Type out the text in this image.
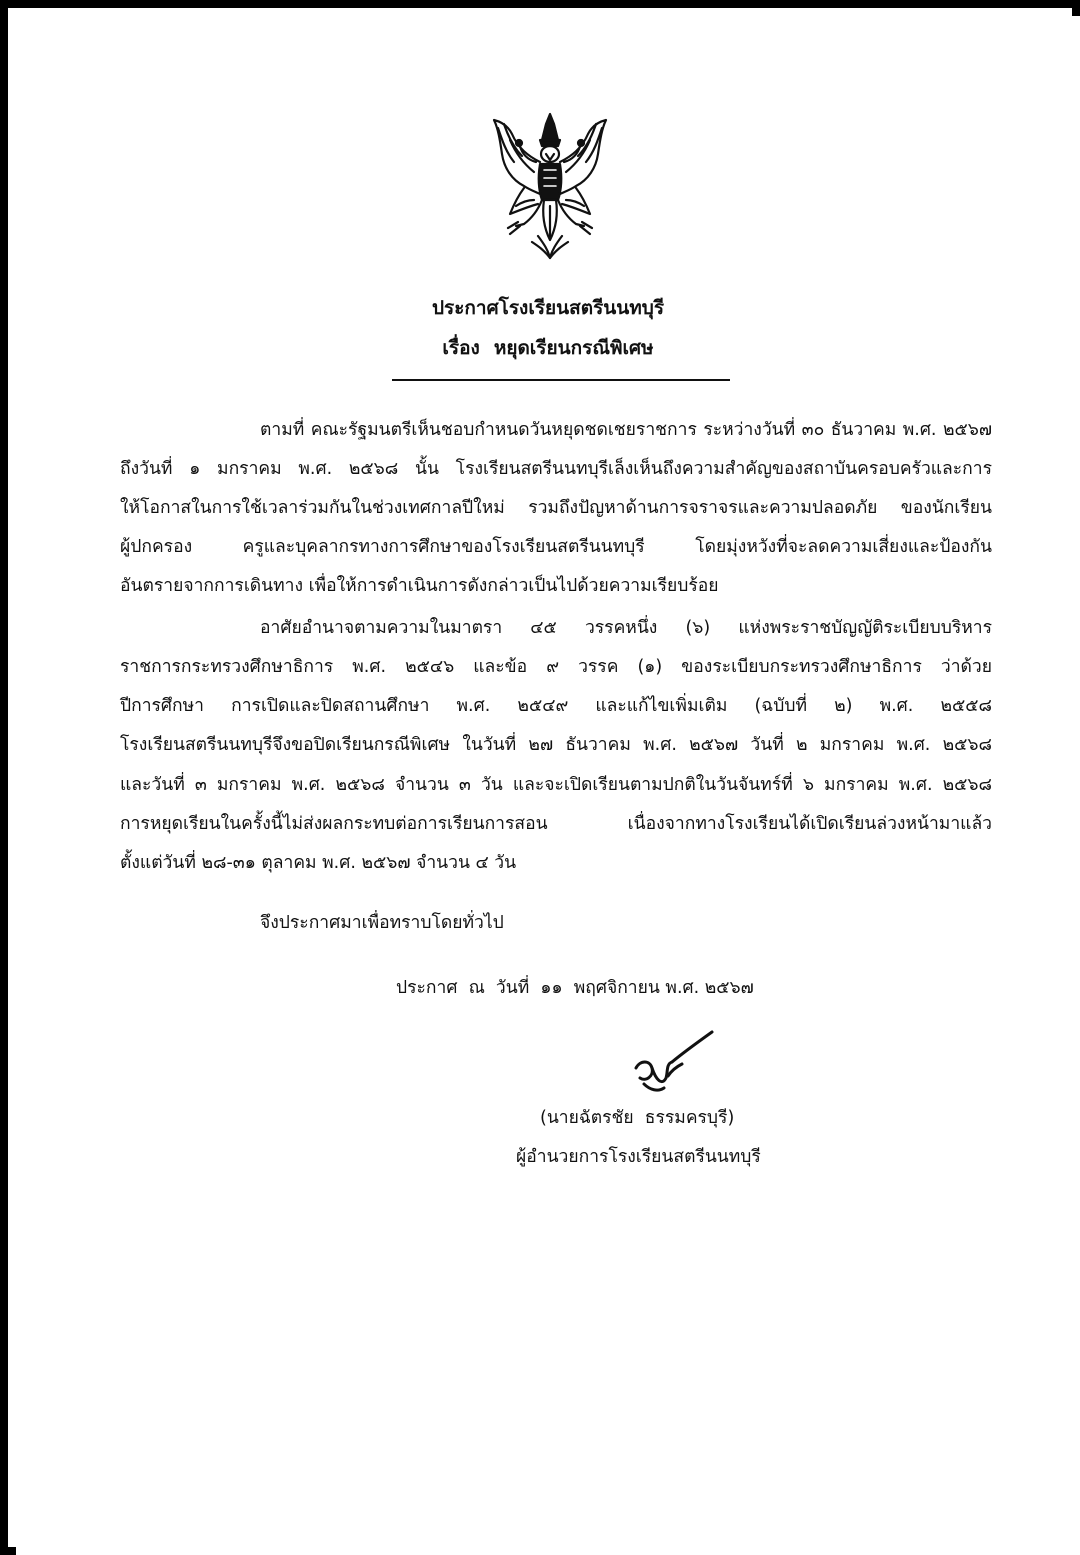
ประกาศโรงเรียนสตรีนนทบุรี
เรื่อง หยุดเรียนกรณีพิเศษ
ตามที่ คณะรัฐมนตรีเห็นชอบกำหนดวันหยุดชดเชยราชการ ระหว่างวันที่ ๓๐ ธันวาคม พ.ศ. ๒๕๖๗
ถึงวันที่ ๑ มกราคม พ.ศ. ๒๕๖๘ นั้น โรงเรียนสตรีนนทบุรีเล็งเห็นถึงความสำคัญของสถาบันครอบครัวและการ
ให้โอกาสในการใช้เวลาร่วมกันในช่วงเทศกาลปีใหม่ รวมถึงปัญหาด้านการจราจรและความปลอดภัย ของนักเรียน
ผู้ปกครอง ครูและบุคลากรทางการศึกษาของโรงเรียนสตรีนนทบุรี โดยมุ่งหวังที่จะลดความเสี่ยงและป้องกัน
อันตรายจากการเดินทาง เพื่อให้การดำเนินการดังกล่าวเป็นไปด้วยความเรียบร้อย
อาศัยอำนาจตามความในมาตรา ๔๕ วรรคหนึ่ง (๖) แห่งพระราชบัญญัติระเบียบบริหาร
ราชการกระทรวงศึกษาธิการ พ.ศ. ๒๕๔๖ และข้อ ๙ วรรค (๑) ของระเบียบกระทรวงศึกษาธิการ ว่าด้วย
ปีการศึกษา การเปิดและปิดสถานศึกษา พ.ศ. ๒๕๔๙ และแก้ไขเพิ่มเติม (ฉบับที่ ๒) พ.ศ. ๒๕๕๘
โรงเรียนสตรีนนทบุรีจึงขอปิดเรียนกรณีพิเศษ ในวันที่ ๒๗ ธันวาคม พ.ศ. ๒๕๖๗ วันที่ ๒ มกราคม พ.ศ. ๒๕๖๘
และวันที่ ๓ มกราคม พ.ศ. ๒๕๖๘ จำนวน ๓ วัน และจะเปิดเรียนตามปกติในวันจันทร์ที่ ๖ มกราคม พ.ศ. ๒๕๖๘
การหยุดเรียนในครั้งนี้ไม่ส่งผลกระทบต่อการเรียนการสอน เนื่องจากทางโรงเรียนได้เปิดเรียนล่วงหน้ามาแล้ว
ตั้งแต่วันที่ ๒๘-๓๑ ตุลาคม พ.ศ. ๒๕๖๗ จำนวน ๔ วัน
จึงประกาศมาเพื่อทราบโดยทั่วไป
ประกาศ  ณ  วันที่  ๑๑  พฤศจิกายน พ.ศ. ๒๕๖๗
(นายฉัตรชัย  ธรรมครบุรี)
ผู้อำนวยการโรงเรียนสตรีนนทบุรี
